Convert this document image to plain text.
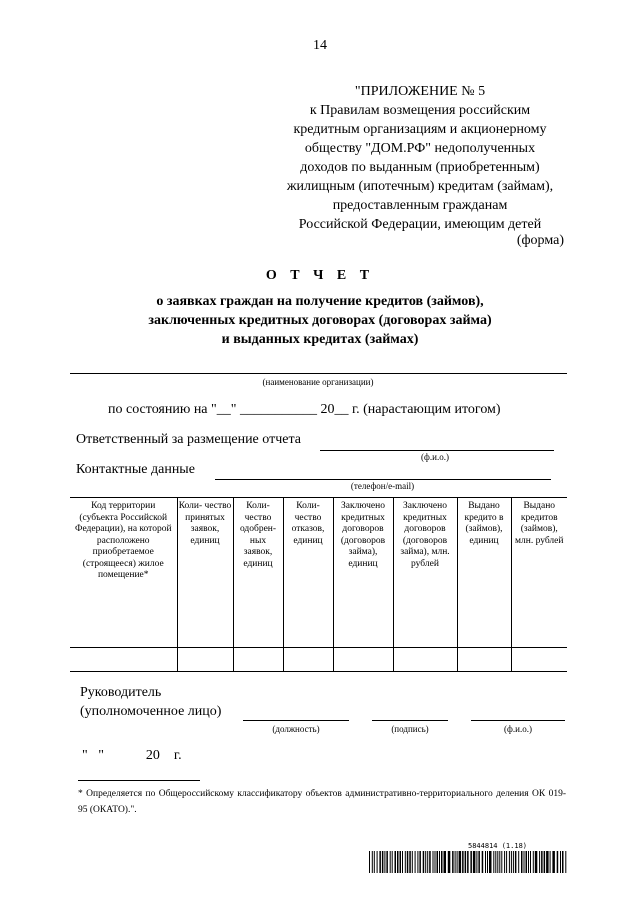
14
"ПРИЛОЖЕНИЕ № 5
к Правилам возмещения российским
кредитным организациям и акционерному
обществу "ДОМ.РФ" недополученных
доходов по выданным (приобретенным)
жилищным (ипотечным) кредитам (займам),
предоставленным гражданам
Российской Федерации, имеющим детей
(форма)
О Т Ч Е Т
о заявках граждан на получение кредитов (займов),
заключенных кредитных договорах (договорах займа)
и выданных кредитах (займах)
(наименование организации)
по состоянию на "__" ___________ 20__ г. (нарастающим итогом)
Ответственный за размещение отчета
(ф.и.о.)
Контактные данные
(телефон/e-mail)
Код территории (субъекта Российской Федерации), на которой расположено приобретаемое (строящееся) жилое помещение*	Коли- чество принятых заявок, единиц	Коли- чество одобрен- ных заявок, единиц	Коли- чество отказов, единиц	Заключено кредитных договоров (договоров займа), единиц	Заключено кредитных договоров (договоров займа), млн. рублей	Выдано кредито в (займов), единиц	Выдано кредитов (займов), млн. рублей

Руководитель
(уполномоченное лицо)
(должность)	(подпись)	(ф.и.о.)
"   "            20    г.
* Определяется по Общероссийскому классификатору объектов административно-территориального деления ОК 019-95 (ОКАТО).".
5844814 (1.18)
